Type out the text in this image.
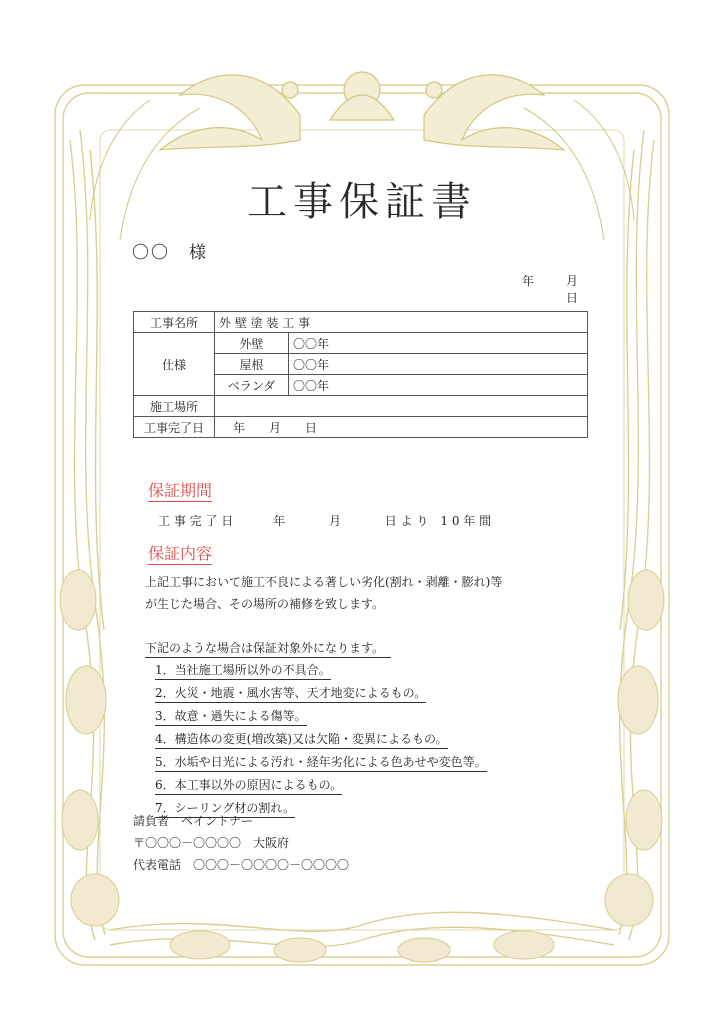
工事保証書
〇〇　様
年　月　日
工事名所	外 壁 塗 装 工 事	
仕様	外壁	〇〇年
	屋根	〇〇年
	ベランダ	〇〇年
施工場所		
工事完了日	年　月　日	
保証期間
工 事 完 了 日	年	月	日 よ り　1 0 年 間
保証内容
上記工事において施工不良による著しい劣化(割れ・剥離・膨れ)等
が生じた場合、その場所の補修を致します。
下記のような場合は保証対象外になります。
1．当社施工場所以外の不具合。
2．火災・地震・風水害等、天才地変によるもの。
3．故意・過失による傷等。
4．構造体の変更(増改築)又は欠陥・変異によるもの。
5．水垢や日光による汚れ・経年劣化による色あせや変色等。
6．本工事以外の原因によるもの。
7．シーリング材の割れ。
請負者　ペイントナー
〒〇〇〇－〇〇〇〇　大阪府
代表電話　〇〇〇－〇〇〇〇－〇〇〇〇
